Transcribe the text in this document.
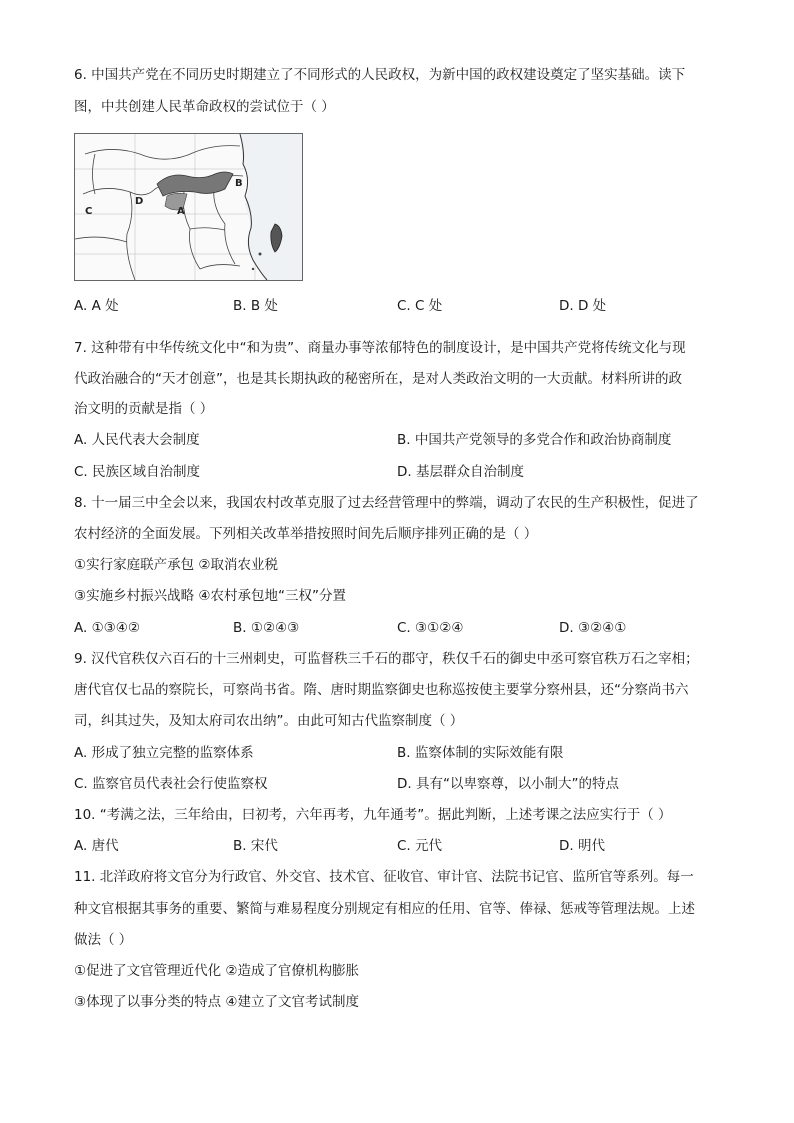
6. 中国共产党在不同历史时期建立了不同形式的人民政权，为新中国的政权建设奠定了坚实基础。读下
图，中共创建人民革命政权的尝试位于（ ）
A
B
C
D
A. A 处	B. B 处	C. C 处	D. D 处
7. 这种带有中华传统文化中“和为贵”、商量办事等浓郁特色的制度设计，是中国共产党将传统文化与现
代政治融合的“天才创意”，也是其长期执政的秘密所在，是对人类政治文明的一大贡献。材料所讲的政
治文明的贡献是指（ ）
A. 人民代表大会制度	B. 中国共产党领导的多党合作和政治协商制度
C. 民族区域自治制度	D. 基层群众自治制度
8. 十一届三中全会以来，我国农村改革克服了过去经营管理中的弊端，调动了农民的生产积极性，促进了
农村经济的全面发展。下列相关改革举措按照时间先后顺序排列正确的是（ ）
①实行家庭联产承包 ②取消农业税
③实施乡村振兴战略 ④农村承包地“三权”分置
A. ①③④②	B. ①②④③	C. ③①②④	D. ③②④①
9. 汉代官秩仅六百石的十三州刺史，可监督秩三千石的郡守，秩仅千石的御史中丞可察官秩万石之宰相；
唐代官仅七品的察院长，可察尚书省。隋、唐时期监察御史也称巡按使主要掌分察州县，还“分察尚书六
司，纠其过失，及知太府司农出纳”。由此可知古代监察制度（ ）
A. 形成了独立完整的监察体系	B. 监察体制的实际效能有限
C. 监察官员代表社会行使监察权	D. 具有“以卑察尊，以小制大”的特点
10. “考满之法，三年给由，曰初考，六年再考，九年通考”。据此判断，上述考课之法应实行于（ ）
A. 唐代	B. 宋代	C. 元代	D. 明代
11. 北洋政府将文官分为行政官、外交官、技术官、征收官、审计官、法院书记官、监所官等系列。每一
种文官根据其事务的重要、繁简与难易程度分别规定有相应的任用、官等、俸禄、惩戒等管理法规。上述
做法（ ）
①促进了文官管理近代化 ②造成了官僚机构膨胀
③体现了以事分类的特点 ④建立了文官考试制度
